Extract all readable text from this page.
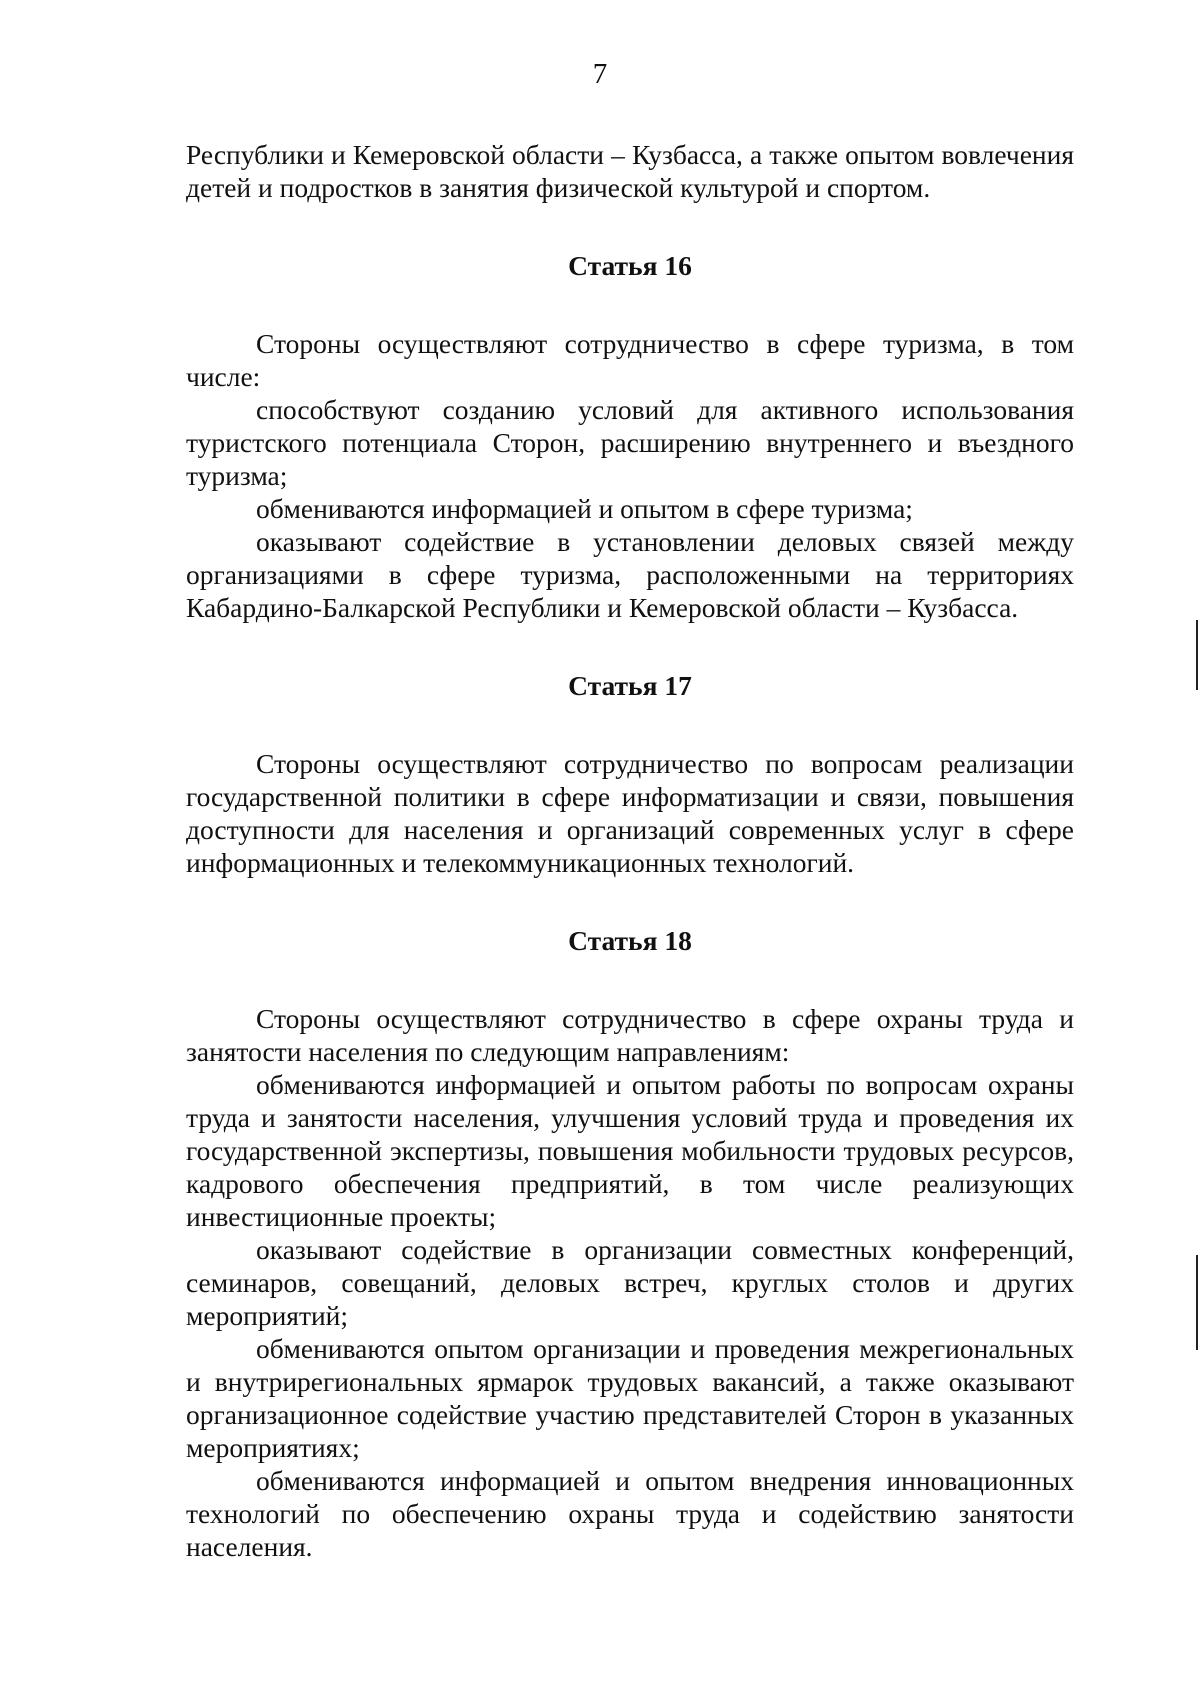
7

Республики и Кемеровской области – Кузбасса, а также опытом вовлечения детей и подростков в занятия физической культурой и спортом.

Статья 16

Стороны осуществляют сотрудничество в сфере туризма, в том числе:

способствуют созданию условий для активного использования туристского потенциала Сторон, расширению внутреннего и въездного туризма;

обмениваются информацией и опытом в сфере туризма;

оказывают содействие в установлении деловых связей между организациями в сфере туризма, расположенными на территориях Кабардино-Балкарской Республики и Кемеровской области – Кузбасса.

Статья 17

Стороны осуществляют сотрудничество по вопросам реализации государственной политики в сфере информатизации и связи, повышения доступности для населения и организаций современных услуг в сфере информационных и телекоммуникационных технологий.

Статья 18

Стороны осуществляют сотрудничество в сфере охраны труда и занятости населения по следующим направлениям:

обмениваются информацией и опытом работы по вопросам охраны труда и занятости населения, улучшения условий труда и проведения их государственной экспертизы, повышения мобильности трудовых ресурсов, кадрового обеспечения предприятий, в том числе реализующих инвестиционные проекты;

оказывают содействие в организации совместных конференций, семинаров, совещаний, деловых встреч, круглых столов и других мероприятий;

обмениваются опытом организации и проведения межрегиональных и внутрирегиональных ярмарок трудовых вакансий, а также оказывают организационное содействие участию представителей Сторон в указанных мероприятиях;

обмениваются информацией и опытом внедрения инновационных технологий по обеспечению охраны труда и содействию занятости населения.
